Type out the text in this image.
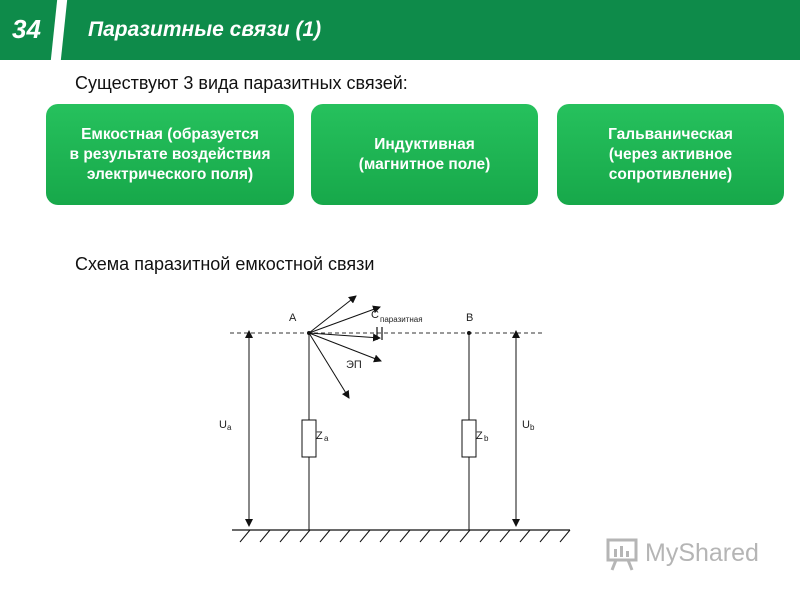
34 Паразитные связи (1)
Существуют 3 вида паразитных связей:
Емкостная (образуется
в результате воздействия
электрического поля)
Индуктивная
(магнитное поле)
Гальваническая
(через активное
сопротивление)
Схема паразитной емкостной связи
A	B
С паразитная
ЭП
U a	U b
Z a	Z b
MyShared
